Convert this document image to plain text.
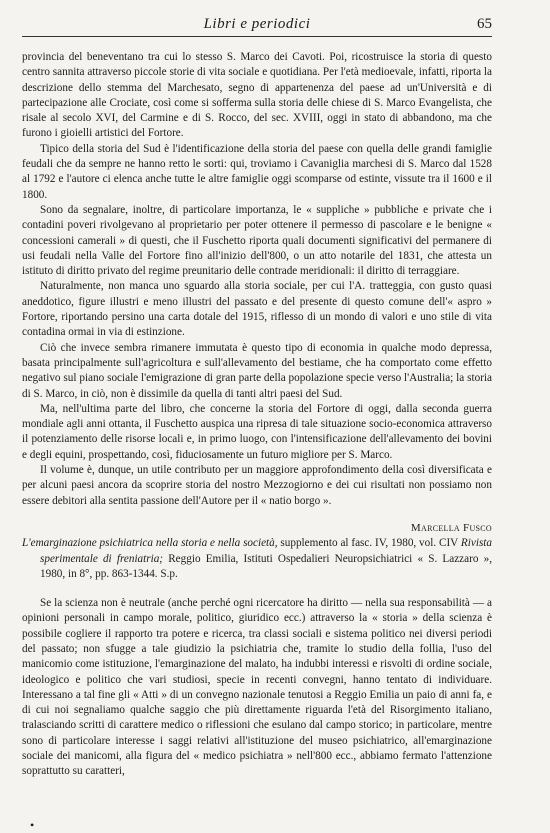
Libri e periodici	65

provincia del beneventano tra cui lo stesso S. Marco dei Cavoti. Poi, ricostruisce la storia di questo centro sannita attraverso piccole storie di vita sociale e quotidiana. Per l'età medioevale, infatti, riporta la descrizione dello stemma del Marchesato, segno di appartenenza del paese ad un'Università e di partecipazione alle Crociate, così come si sofferma sulla storia delle chiese di S. Marco Evangelista, che risale al secolo XVI, del Carmine e di S. Rocco, del sec. XVIII, oggi in stato di abbandono, ma che furono i gioielli artistici del Fortore.

Tipico della storia del Sud è l'identificazione della storia del paese con quella delle grandi famiglie feudali che da sempre ne hanno retto le sorti: qui, troviamo i Cavaniglia marchesi di S. Marco dal 1528 al 1792 e l'autore ci elenca anche tutte le altre famiglie oggi scomparse od estinte, vissute tra il 1600 e il 1800.

Sono da segnalare, inoltre, di particolare importanza, le « suppliche » pubbliche e private che i contadini poveri rivolgevano al proprietario per poter ottenere il permesso di pascolare e le benigne « concessioni camerali » di questi, che il Fuschetto riporta quali documenti significativi del permanere di usi feudali nella Valle del Fortore fino all'inizio dell'800, o un atto notarile del 1831, che attesta un istituto di diritto privato del regime preunitario delle contrade meridionali: il diritto di terraggiare.

Naturalmente, non manca uno sguardo alla storia sociale, per cui l'A. tratteggia, con gusto quasi aneddotico, figure illustri e meno illustri del passato e del presente di questo comune dell'« aspro » Fortore, riportando persino una carta dotale del 1915, riflesso di un mondo di valori e uno stile di vita contadina ormai in via di estinzione.

Ciò che invece sembra rimanere immutata è questo tipo di economia in qualche modo depressa, basata principalmente sull'agricoltura e sull'allevamento del bestiame, che ha comportato come effetto negativo sul piano sociale l'emigrazione di gran parte della popolazione specie verso l'Australia; la storia di S. Marco, in ciò, non è dissimile da quella di tanti altri paesi del Sud.

Ma, nell'ultima parte del libro, che concerne la storia del Fortore di oggi, dalla seconda guerra mondiale agli anni ottanta, il Fuschetto auspica una ripresa di tale situazione socio-economica attraverso il potenziamento delle risorse locali e, in primo luogo, con l'intensificazione dell'allevamento dei bovini e degli equini, prospettando, così, fiduciosamente un futuro migliore per S. Marco.

Il volume è, dunque, un utile contributo per un maggiore approfondimento della così diversificata e per alcuni paesi ancora da scoprire storia del nostro Mezzogiorno e dei cui risultati non possiamo non essere debitori alla sentita passione dell'Autore per il « natio borgo ».

Marcella Fusco

L'emarginazione psichiatrica nella storia e nella società, supplemento al fasc. IV, 1980, vol. CIV Rivista sperimentale di freniatria; Reggio Emilia, Istituti Ospedalieri Neuropsichiatrici « S. Lazzaro », 1980, in 8°, pp. 863-1344. S.p.

Se la scienza non è neutrale (anche perché ogni ricercatore ha diritto — nella sua responsabilità — a opinioni personali in campo morale, politico, giuridico ecc.) attraverso la « storia » della scienza è possibile cogliere il rapporto tra potere e ricerca, tra classi sociali e sistema politico nei diversi periodi del passato; non sfugge a tale giudizio la psichiatria che, tramite lo studio della follia, l'uso del manicomio come istituzione, l'emarginazione del malato, ha indubbi interessi e risvolti di ordine sociale, ideologico e politico che vari studiosi, specie in recenti convegni, hanno tentato di individuare. Interessano a tal fine gli « Atti » di un convegno nazionale tenutosi a Reggio Emilia un paio di anni fa, e di cui noi segnaliamo qualche saggio che più direttamente riguarda l'età del Risorgimento italiano, tralasciando scritti di carattere medico o riflessioni che esulano dal campo storico; in particolare, mentre sono di particolare interesse i saggi relativi all'istituzione del museo psichiatrico, all'emarginazione sociale dei manicomi, alla figura del « medico psichiatra » nell'800 ecc., abbiamo fermato l'attenzione soprattutto su caratteri,

•
